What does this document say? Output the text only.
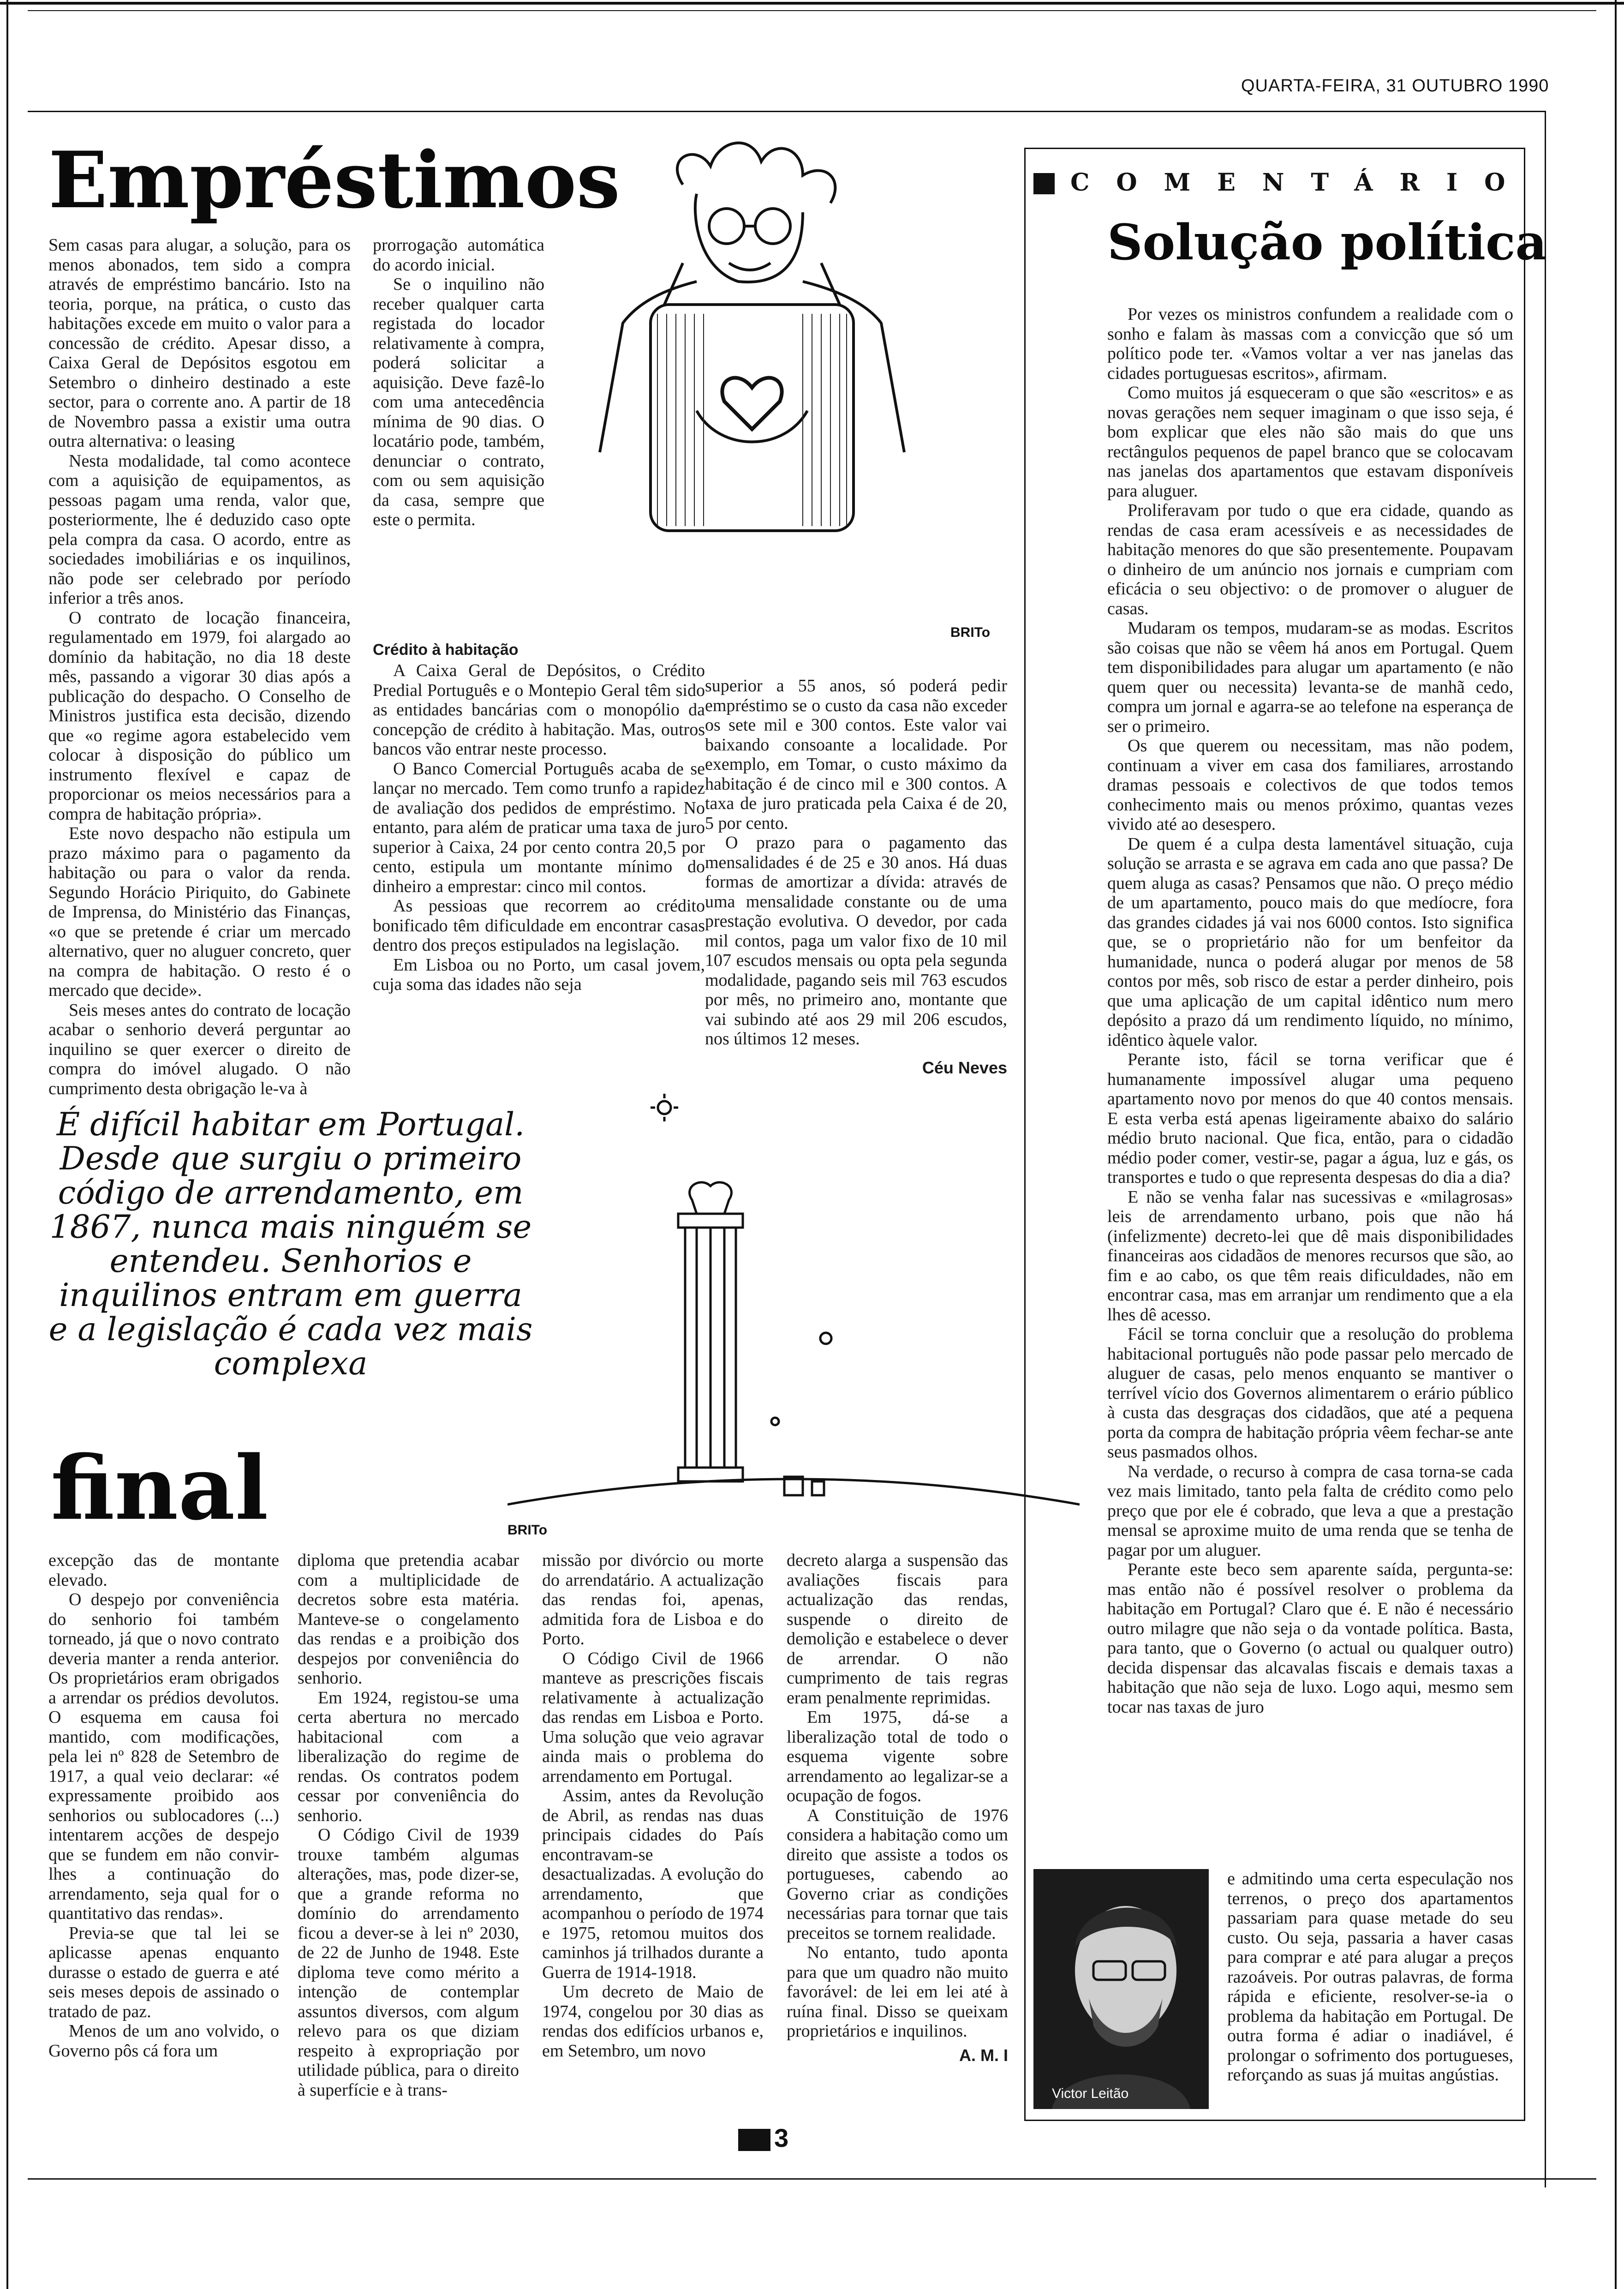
QUARTA-FEIRA, 31 OUTUBRO 1990
Empréstimos
BRITo

Sem casas para alugar, a solução, para os menos abonados, tem sido a compra através de empréstimo bancário. Isto na teoria, porque, na prática, o custo das habitações excede em muito o valor para a concessão de crédito. Apesar disso, a Caixa Geral de Depósitos esgotou em Setembro o dinheiro destinado a este sector, para o corrente ano. A partir de 18 de Novembro passa a existir uma outra outra alternativa: o leasing

Nesta modalidade, tal como acontece com a aquisição de equipamentos, as pessoas pagam uma renda, valor que, posteriormente, lhe é deduzido caso opte pela compra da casa. O acordo, entre as sociedades imobiliárias e os inquilinos, não pode ser celebrado por período inferior a três anos.

O contrato de locação financeira, regulamentado em 1979, foi alargado ao domínio da habitação, no dia 18 deste mês, passando a vigorar 30 dias após a publicação do despacho. O Conselho de Ministros justifica esta decisão, dizendo que «o regime agora estabelecido vem colocar à disposição do público um instrumento flexível e capaz de proporcionar os meios necessários para a compra de habitação própria».

Este novo despacho não estipula um prazo máximo para o pagamento da habitação ou para o valor da renda. Segundo Horácio Piriquito, do Gabinete de Imprensa, do Ministério das Finanças, «o que se pretende é criar um mercado alternativo, quer no aluguer concreto, quer na compra de habitação. O resto é o mercado que decide».

Seis meses antes do contrato de locação acabar o senhorio deverá perguntar ao inquilino se quer exercer o direito de compra do imóvel alugado. O não cumprimento desta obrigação le-va à

prorrogação automática do acordo inicial.

Se o inquilino não receber qualquer carta registada do locador relativamente à compra, poderá solicitar a aquisição. Deve fazê-lo com uma antecedência mínima de 90 dias. O locatário pode, também, denunciar o contrato, com ou sem aquisição da casa, sempre que este o permita.

Crédito à habitação

A Caixa Geral de Depósitos, o Crédito Predial Português e o Montepio Geral têm sido as entidades bancárias com o monopólio da concepção de crédito à habitação. Mas, outros bancos vão entrar neste processo.

O Banco Comercial Português acaba de se lançar no mercado. Tem como trunfo a rapidez de avaliação dos pedidos de empréstimo. No entanto, para além de praticar uma taxa de juro superior à Caixa, 24 por cento contra 20,5 por cento, estipula um montante mínimo do dinheiro a emprestar: cinco mil contos.

As pessioas que recorrem ao crédito bonificado têm dificuldade em encontrar casas dentro dos preços estipulados na legislação.

Em Lisboa ou no Porto, um casal jovem, cuja soma das idades não seja

superior a 55 anos, só poderá pedir empréstimo se o custo da casa não exceder os sete mil e 300 contos. Este valor vai baixando consoante a localidade. Por exemplo, em Tomar, o custo máximo da habitação é de cinco mil e 300 contos. A taxa de juro praticada pela Caixa é de 20, 5 por cento.

O prazo para o pagamento das mensalidades é de 25 e 30 anos. Há duas formas de amortizar a dívida: através de uma mensalidade constante ou de uma prestação evolutiva. O devedor, por cada mil contos, paga um valor fixo de 10 mil 107 escudos mensais ou opta pela segunda modalidade, pagando seis mil 763 escudos por mês, no primeiro ano, montante que vai subindo até aos 29 mil 206 escudos, nos últimos 12 meses.

Céu Neves
É difícil habitar em Portugal. Desde que surgiu o primeiro código de arrendamento, em 1867, nunca mais ninguém se entendeu. Senhorios e inquilinos entram em guerra e a legislação é cada vez mais complexa
BRITo
final

excepção das de montante elevado.

O despejo por conveniência do senhorio foi também torneado, já que o novo contrato deveria manter a renda anterior. Os proprietários eram obrigados a arrendar os prédios devolutos. O esquema em causa foi mantido, com modificações, pela lei nº 828 de Setembro de 1917, a qual veio declarar: «é expressamente proibido aos senhorios ou sublocadores (...) intentarem acções de despejo que se fundem em não convir-lhes a continuação do arrendamento, seja qual for o quantitativo das rendas».

Previa-se que tal lei se aplicasse apenas enquanto durasse o estado de guerra e até seis meses depois de assinado o tratado de paz.

Menos de um ano volvido, o Governo pôs cá fora um

diploma que pretendia acabar com a multiplicidade de decretos sobre esta matéria. Manteve-se o congelamento das rendas e a proibição dos despejos por conveniência do senhorio.

Em 1924, registou-se uma certa abertura no mercado habitacional com a liberalização do regime de rendas. Os contratos podem cessar por conveniência do senhorio.

O Código Civil de 1939 trouxe também algumas alterações, mas, pode dizer-se, que a grande reforma no domínio do arrendamento ficou a dever-se à lei nº 2030, de 22 de Junho de 1948. Este diploma teve como mérito a intenção de contemplar assuntos diversos, com algum relevo para os que diziam respeito à expropriação por utilidade pública, para o direito à superfície e à trans-

missão por divórcio ou morte do arrendatário. A actualização das rendas foi, apenas, admitida fora de Lisboa e do Porto.

O Código Civil de 1966 manteve as prescrições fiscais relativamente à actualização das rendas em Lisboa e Porto. Uma solução que veio agravar ainda mais o problema do arrendamento em Portugal.

Assim, antes da Revolução de Abril, as rendas nas duas principais cidades do País encontravam-se desactualizadas. A evolução do arrendamento, que acompanhou o período de 1974 e 1975, retomou muitos dos caminhos já trilhados durante a Guerra de 1914-1918.

Um decreto de Maio de 1974, congelou por 30 dias as rendas dos edifícios urbanos e, em Setembro, um novo

decreto alarga a suspensão das avaliações fiscais para actualização das rendas, suspende o direito de demolição e estabelece o dever de arrendar. O não cumprimento de tais regras eram penalmente reprimidas.

Em 1975, dá-se a liberalização total de todo o esquema vigente sobre arrendamento ao legalizar-se a ocupação de fogos.

A Constituição de 1976 considera a habitação como um direito que assiste a todos os portugueses, cabendo ao Governo criar as condições necessárias para tornar que tais preceitos se tornem realidade.

No entanto, tudo aponta para que um quadro não muito favorável: de lei em lei até à ruína final. Disso se queixam proprietários e inquilinos.

A. M. I
COMENTÁRIO
Solução política

Por vezes os ministros confundem a realidade com o sonho e falam às massas com a convicção que só um político pode ter. «Vamos voltar a ver nas janelas das cidades portuguesas escritos», afirmam.

Como muitos já esqueceram o que são «escritos» e as novas gerações nem sequer imaginam o que isso seja, é bom explicar que eles não são mais do que uns rectângulos pequenos de papel branco que se colocavam nas janelas dos apartamentos que estavam disponíveis para aluguer.

Proliferavam por tudo o que era cidade, quando as rendas de casa eram acessíveis e as necessidades de habitação menores do que são presentemente. Poupavam o dinheiro de um anúncio nos jornais e cumpriam com eficácia o seu objectivo: o de promover o aluguer de casas.

Mudaram os tempos, mudaram-se as modas. Escritos são coisas que não se vêem há anos em Portugal. Quem tem disponibilidades para alugar um apartamento (e não quem quer ou necessita) levanta-se de manhã cedo, compra um jornal e agarra-se ao telefone na esperança de ser o primeiro.

Os que querem ou necessitam, mas não podem, continuam a viver em casa dos familiares, arrostando dramas pessoais e colectivos de que todos temos conhecimento mais ou menos próximo, quantas vezes vivido até ao desespero.

De quem é a culpa desta lamentável situação, cuja solução se arrasta e se agrava em cada ano que passa? De quem aluga as casas? Pensamos que não. O preço médio de um apartamento, pouco mais do que medíocre, fora das grandes cidades já vai nos 6000 contos. Isto significa que, se o proprietário não for um benfeitor da humanidade, nunca o poderá alugar por menos de 58 contos por mês, sob risco de estar a perder dinheiro, pois que uma aplicação de um capital idêntico num mero depósito a prazo dá um rendimento líquido, no mínimo, idêntico àquele valor.

Perante isto, fácil se torna verificar que é humanamente impossível alugar uma pequeno apartamento novo por menos do que 40 contos mensais. E esta verba está apenas ligeiramente abaixo do salário médio bruto nacional. Que fica, então, para o cidadão médio poder comer, vestir-se, pagar a água, luz e gás, os transportes e tudo o que representa despesas do dia a dia?

E não se venha falar nas sucessivas e «milagrosas» leis de arrendamento urbano, pois que não há (infelizmente) decreto-lei que dê mais disponibilidades financeiras aos cidadãos de menores recursos que são, ao fim e ao cabo, os que têm reais dificuldades, não em encontrar casa, mas em arranjar um rendimento que a ela lhes dê acesso.

Fácil se torna concluir que a resolução do problema habitacional português não pode passar pelo mercado de aluguer de casas, pelo menos enquanto se mantiver o terrível vício dos Governos alimentarem o erário público à custa das desgraças dos cidadãos, que até a pequena porta da compra de habitação própria vêem fechar-se ante seus pasmados olhos.

Na verdade, o recurso à compra de casa torna-se cada vez mais limitado, tanto pela falta de crédito como pelo preço que por ele é cobrado, que leva a que a prestação mensal se aproxime muito de uma renda que se tenha de pagar por um aluguer.

Perante este beco sem aparente saída, pergunta-se: mas então não é possível resolver o problema da habitação em Portugal? Claro que é. E não é necessário outro milagre que não seja o da vontade política. Basta, para tanto, que o Governo (o actual ou qualquer outro) decida dispensar das alcavalas fiscais e demais taxas a habitação que não seja de luxo. Logo aqui, mesmo sem tocar nas taxas de juro

Victor Leitão

e admitindo uma certa especulação nos terrenos, o preço dos apartamentos passariam para quase metade do seu custo. Ou seja, passaria a haver casas para comprar e até para alugar a preços razoáveis. Por outras palavras, de forma rápida e eficiente, resolver-se-ia o problema da habitação em Portugal. De outra forma é adiar o inadiável, é prolongar o sofrimento dos portugueses, reforçando as suas já muitas angústias.

3
